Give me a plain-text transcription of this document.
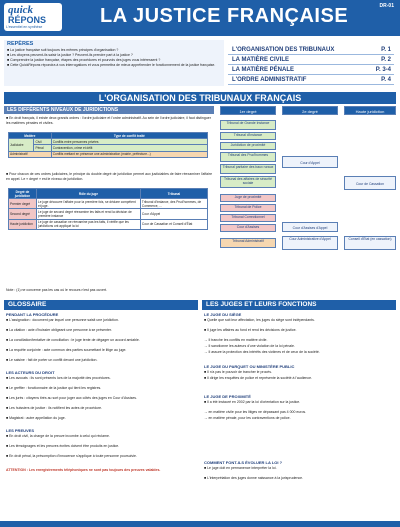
quick
RÉPONS
L'essentiel en synthèse	LA JUSTICE FRANÇAISE	DR-01
REPÈRES
■ La justice française suit toujours les mêmes principes d'organisation ?
■ Les citoyens peuvent-ils saisir la justice ? Peuvent-ils prendre part à la justice ?
■ Comprendre la justice française, étapes des procédures et pourvois des juges vous intéressent ?
■ Cette QuickRépons répondra à vos interrogations et vous permettra de mieux appréhender le fonctionnement de la justice française.
L'ORGANISATION DES TRIBUNAUX	P. 1
LA MATIÈRE CIVILE	P. 2
LA MATIÈRE PÉNALE	P. 3-4
L'ORDRE ADMINISTRATIF	P. 4
L'ORGANISATION DES TRIBUNAUX FRANÇAIS
LES DIFFÉRENTS NIVEAUX DE JURIDICTIONS
■ En droit français, il existe deux grands ordres : l'ordre judiciaire et l'ordre administratif. Au sein de l'ordre judiciaire, il faut distinguer les matières pénales et civiles.
Matière		Type de conflit traité
Judiciaire	Civil	Conflits entre personnes privées
	Pénal	Contravention, crime et délit
Administratif		Conflits mettant en présence une administration (mairie, préfecture...)
■ Pour chacun de ces ordres judiciaires, le principe du double degré de juridiction permet aux justiciables de faire réexaminer l'affaire en appel. Le « degré » est le niveau de juridiction.
Degré de juridiction	Rôle du juge	Tribunal
Premier degré	Le juge découvre l'affaire pour la première fois, se déclare compétent et juge.	Tribunal d'instance, des Prud'hommes, de Commerce, ...
Second degré	Le juge de second degré réexamine les faits et rend la décision de première instance	Cour d'Appel
Haute juridiction	Le juge de cassation ne réexamine pas les faits, il vérifie que les juridictions ont appliqué la loi	Cour de Cassation et Conseil d'État
Note : (1) ne concerne pas les cas où le recours n'est pas ouvert.
1er degré	2e degré	Haute juridiction
Tribunal de Grande Instance
Tribunal d'Instance
Juridiction de proximité
Tribunal des Prud'hommes
Tribunal paritaire des baux ruraux
Tribunal des affaires de sécurité sociale
Juge de proximité
Tribunal de Police
Tribunal Correctionnel
Cour d'Assises
Tribunal Administratif
Cour d'Appel
Cour d'Assises d'Appel
Cour Administrative d'Appel
Cour de Cassation
Conseil d'État (en cassation)
GLOSSAIRE
PENDANT LA PROCÉDURE
■ L'assignation : document par lequel une personne saisit une juridiction.
■ La citation : acte d'huissier obligeant une personne à se présenter.
■ La conciliation/tentative de conciliation : le juge tente de dégager un accord amiable.
■ La requête conjointe : acte commun des parties soumettant le litige au juge.
■ Le saisine : fait de porter un conflit devant une juridiction.
LES ACTEURS DU DROIT
■ Les avocats : ils sont présents lors de la majorité des procédures.
■ Le greffier : fonctionnaire de la justice qui tient les registres.
■ Les jurés : citoyens tirés au sort pour juger aux côtés des juges en Cour d'Assises.
■ Les huissiers de justice : ils notifient les actes de procédure.
■ Magistrat : autre appellation du juge.
LES PREUVES
■ En droit civil, la charge de la preuve incombe à celui qui réclame.
■ Les témoignages et les preuves écrites doivent être produits en justice.
■ En droit pénal, la présomption d'innocence s'applique à toute personne poursuivie.
ATTENTION : Les enregistrements téléphoniques ne sont pas toujours des preuves valables.
LES JUGES ET LEURS FONCTIONS
LE JUGE DU SIÈGE
■ Quelle que soit leur affectation, les juges du siège sont indépendants.
■ Il juge les affaires au fond et rend les décisions de justice.
→ Il tranche les conflits en matière civile.
→ Il sanctionne les auteurs d'une violation de la loi pénale.
→ Il assure la protection des intérêts des victimes et de ceux de la société.
LE JUGE DU PARQUET OU MINISTÈRE PUBLIC
■ Il n'a pas le pouvoir de trancher le procès.
■ Il dirige les enquêtes de police et représente la société à l'audience.
LE JUGE DE PROXIMITÉ
■ Il a été instauré en 2002 par la loi d'orientation sur la justice.
→ en matière civile pour les litiges ne dépassant pas 4 000 euros.
→ en matière pénale, pour les contraventions de police.
COMMENT FONT-ILS ÉVOLUER LA LOI ?
■ Le juge doit en permanence interpréter la loi.
■ L'interprétation des juges donne naissance à la jurisprudence.
